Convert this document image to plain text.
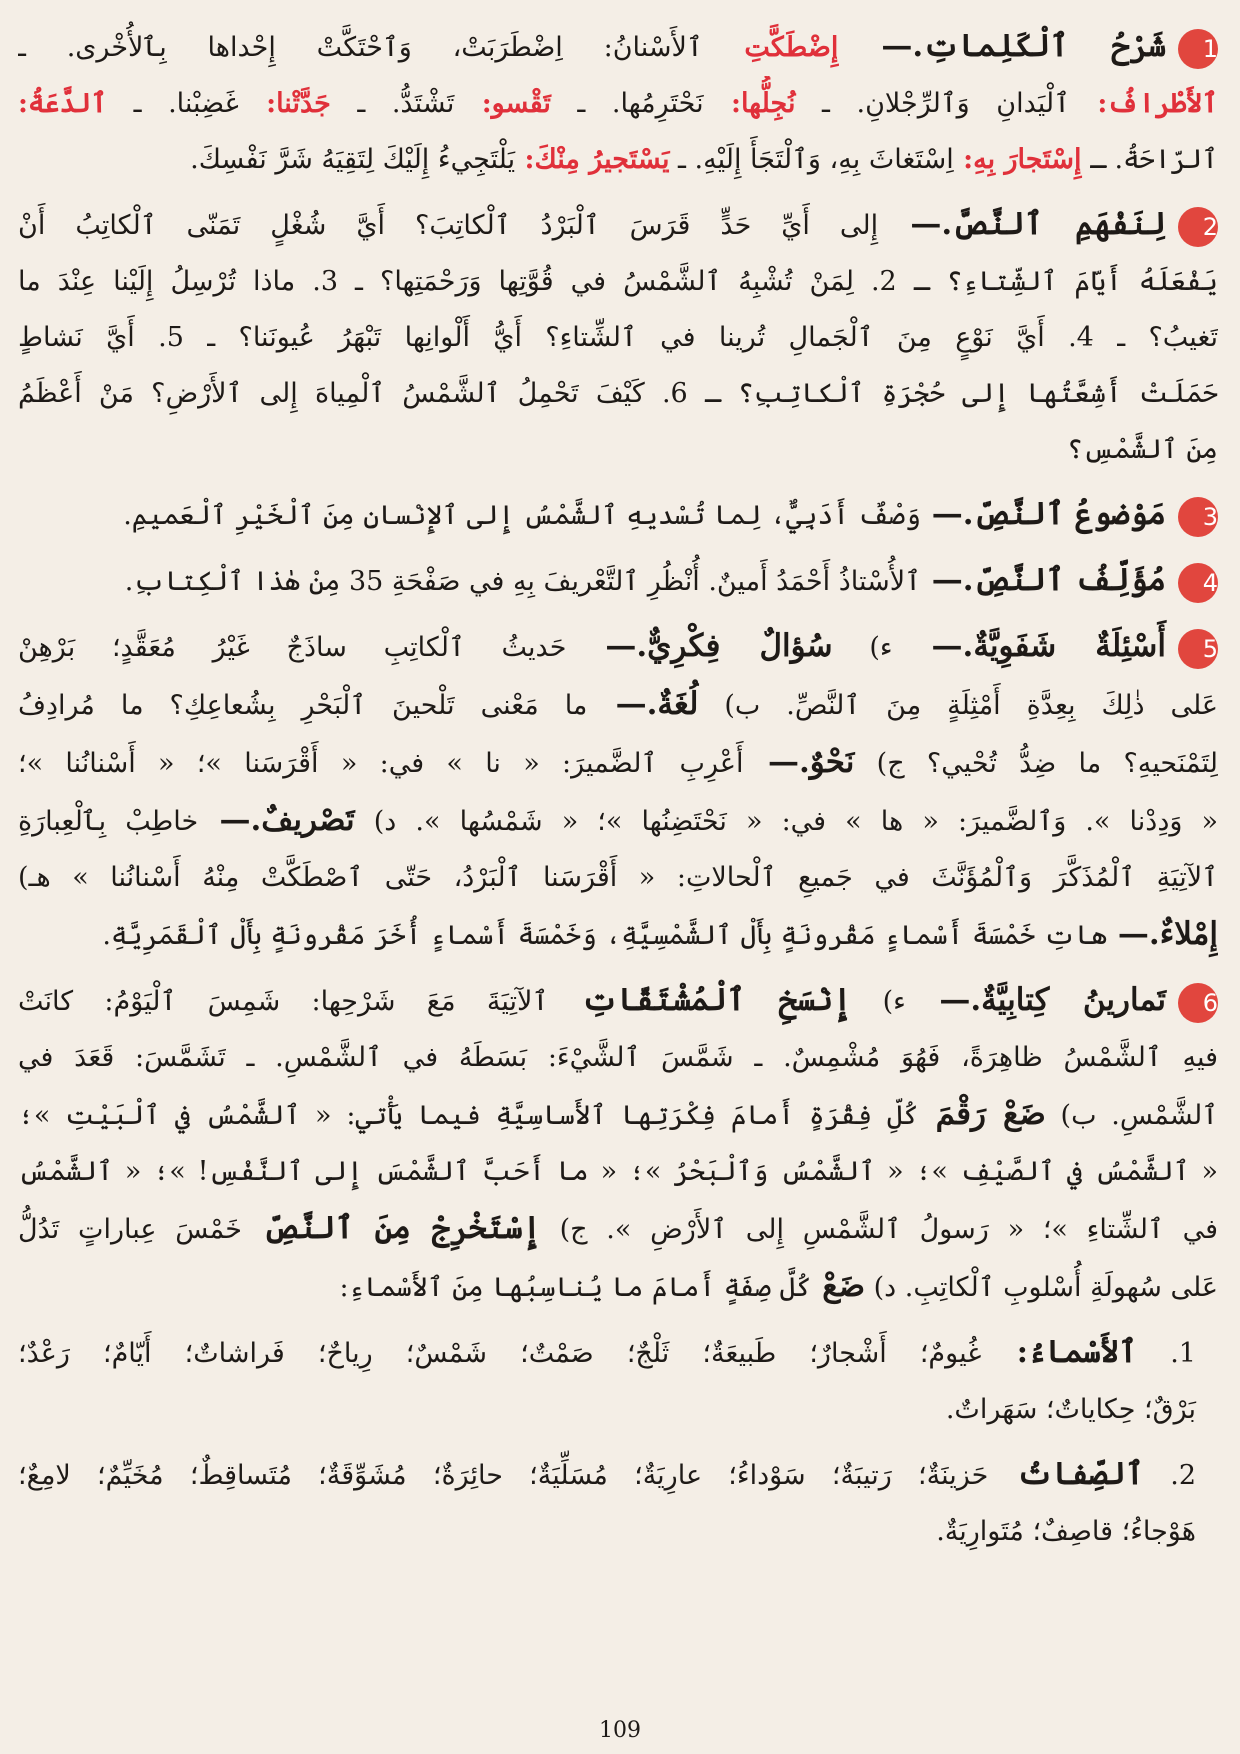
1شَرْحُ ٱلْكَلِماتِ.— إِضْطَكَّتِ ٱلأَسْنانُ: اِضْطَرَبَتْ، وَٱحْتَكَّتْ إِحْداها بِٱلأُخْرى. ـ
ٱلأَطْرافُ: ٱلْيَدانِ وَٱلرِّجْلانِ. ـ نُجِلُّها: نَحْتَرِمُها. ـ تَقْسو: تَشْتَدُّ. ـ جَدَّتْنا: غَضِبْنا. ـ ٱلدَّعَةُ:
ٱلرّاحَةُ. ـ إِسْتَجارَ بِهِ: اِسْتَغاثَ بِهِ، وَٱلْتَجَأَ إِلَيْهِ. ـ يَسْتَجيرُ مِنْكَ: يَلْتَجِيءُ إِلَيْكَ لِتَقِيَهُ شَرَّ نَفْسِكَ.
2لِنَفْهَمِ ٱلنَّصَّ.— إِلى أَيِّ حَدٍّ قَرَسَ ٱلْبَرْدُ ٱلْكاتِبَ؟ أَيَّ شُغْلٍ تَمَنّى ٱلْكاتِبُ أَنْ
يَفْعَلَهُ أَيّامَ ٱلشِّتاءِ؟ ـ 2. لِمَنْ تُشْبِهُ ٱلشَّمْسُ في قُوَّتِها وَرَحْمَتِها؟ ـ 3. ماذا تُرْسِلُ إِلَيْنا عِنْدَ ما
تَغيبُ؟ ـ 4. أَيَّ نَوْعٍ مِنَ ٱلْجَمالِ تُرينا في ٱلشِّتاءِ؟ أَيُّ أَلْوانِها تَبْهَرُ عُيونَنا؟ ـ 5. أَيَّ نَشاطٍ
حَمَلَتْ أَشِعَّتُها إِلى حُجْرَةِ ٱلْكاتِبِ؟ ـ 6. كَيْفَ تَحْمِلُ ٱلشَّمْسُ ٱلْمِياهَ إِلى ٱلأَرْضِ؟ مَنْ أَعْظَمُ
مِنَ ٱلشَّمْسِ؟
3مَوْضوعُ ٱلنَّصِّ.— وَصْفٌ أَدَبِيٌّ، لِما تُسْديهِ ٱلشَّمْسُ إِلى ٱلإِنْسانِ مِنَ ٱلْخَيْرِ ٱلْعَميمِ.
4مُؤَلِّفُ ٱلنَّصِّ.— ٱلأُسْتاذُ أَحْمَدُ أَمينٌ. أُنْظُرِ ٱلتَّعْريفَ بِهِ في صَفْحَةِ 35 مِنْ هٰذا ٱلْكِتابِ.
5أَسْئِلَةٌ شَفَوِيَّةٌ.— ء) سُؤالٌ فِكْرِيٌّ.— حَديثُ ٱلْكاتِبِ ساذَجٌ غَيْرُ مُعَقَّدٍ؛ بَرْهِنْ
عَلى ذٰلِكَ بِعِدَّةِ أَمْثِلَةٍ مِنَ ٱلنَّصِّ. ب) لُغَةٌ.— ما مَعْنى تَلْحينَ ٱلْبَحْرِ بِشُعاعِكِ؟ ما مُرادِفُ
لِتَمْنَحيهِ؟ ما ضِدُّ تُحْيي؟ ج) نَحْوٌ.— أَعْرِبِ ٱلضَّميرَ: « نا » في: « أَقْرَسَنا »؛ « أَسْنانُنا »؛
« وَدِدْنا ». وَٱلضَّميرَ: « ها » في: « نَحْتَضِنُها »؛ « شَمْسُها ». د) تَصْريفٌ.— خاطِبْ بِٱلْعِبارَةِ
ٱلآتِيَةِ ٱلْمُذَكَّرَ وَٱلْمُؤَنَّثَ في جَميعِ ٱلْحالاتِ: « أَقْرَسَنا ٱلْبَرْدُ، حَتّى ٱصْطَكَّتْ مِنْهُ أَسْنانُنا » هـ)
إِمْلاءٌ.— هاتِ خَمْسَةَ أَسْماءٍ مَقْرونَةٍ بِأَلْ ٱلشَّمْسِيَّةِ، وَخَمْسَةَ أَسْماءٍ أُخَرَ مَقْرونَةٍ بِأَلْ ٱلْقَمَرِيَّةِ.
6تَمارينُ كِتابِيَّةٌ.— ء) إِنْسَخِ ٱلْمُشْتَقّاتِ ٱلآتِيَةَ مَعَ شَرْحِها: شَمِسَ ٱلْيَوْمُ: كانَتْ
فيهِ ٱلشَّمْسُ ظاهِرَةً، فَهُوَ مُشْمِسٌ. ـ شَمَّسَ ٱلشَّيْءَ: بَسَطَهُ في ٱلشَّمْسِ. ـ تَشَمَّسَ: قَعَدَ في
ٱلشَّمْسِ. ب) ضَعْ رَقْمَ كُلِّ فِقْرَةٍ أَمامَ فِكْرَتِها ٱلأَساسِيَّةِ فيما يَأْتي: « ٱلشَّمْسُ في ٱلْبَيْتِ »؛
« ٱلشَّمْسُ في ٱلصَّيْفِ »؛ « ٱلشَّمْسُ وَٱلْبَحْرُ »؛ « ما أَحَبَّ ٱلشَّمْسَ إِلى ٱلنَّفْسِ! »؛ « ٱلشَّمْسُ
في ٱلشِّتاءِ »؛ « رَسولُ ٱلشَّمْسِ إِلى ٱلأَرْضِ ». ج) إِسْتَخْرِجْ مِنَ ٱلنَّصِّ خَمْسَ عِباراتٍ تَدُلُّ
عَلى سُهولَةِ أُسْلوبِ ٱلْكاتِبِ. د) ضَعْ كُلَّ صِفَةٍ أَمامَ ما يُناسِبُها مِنَ ٱلأَسْماءِ:
1. ٱلأَسْماءُ: غُيومٌ؛ أَشْجارٌ؛ طَبيعَةٌ؛ ثَلْجٌ؛ صَمْتٌ؛ شَمْسٌ؛ رِياحٌ؛ فَراشاتٌ؛ أَيّامٌ؛ رَعْدٌ؛
بَرْقٌ؛ حِكاياتٌ؛ سَهَراتٌ.
2. ٱلصِّفاتُ حَزينَةٌ؛ رَتيبَةٌ؛ سَوْداءُ؛ عارِيَةٌ؛ مُسَلِّيَةٌ؛ حائِرَةٌ؛ مُشَوِّقَةٌ؛ مُتَساقِطٌ؛ مُخَيِّمٌ؛ لامِعٌ؛
هَوْجاءُ؛ قاصِفٌ؛ مُتَوارِيَةٌ.
109
